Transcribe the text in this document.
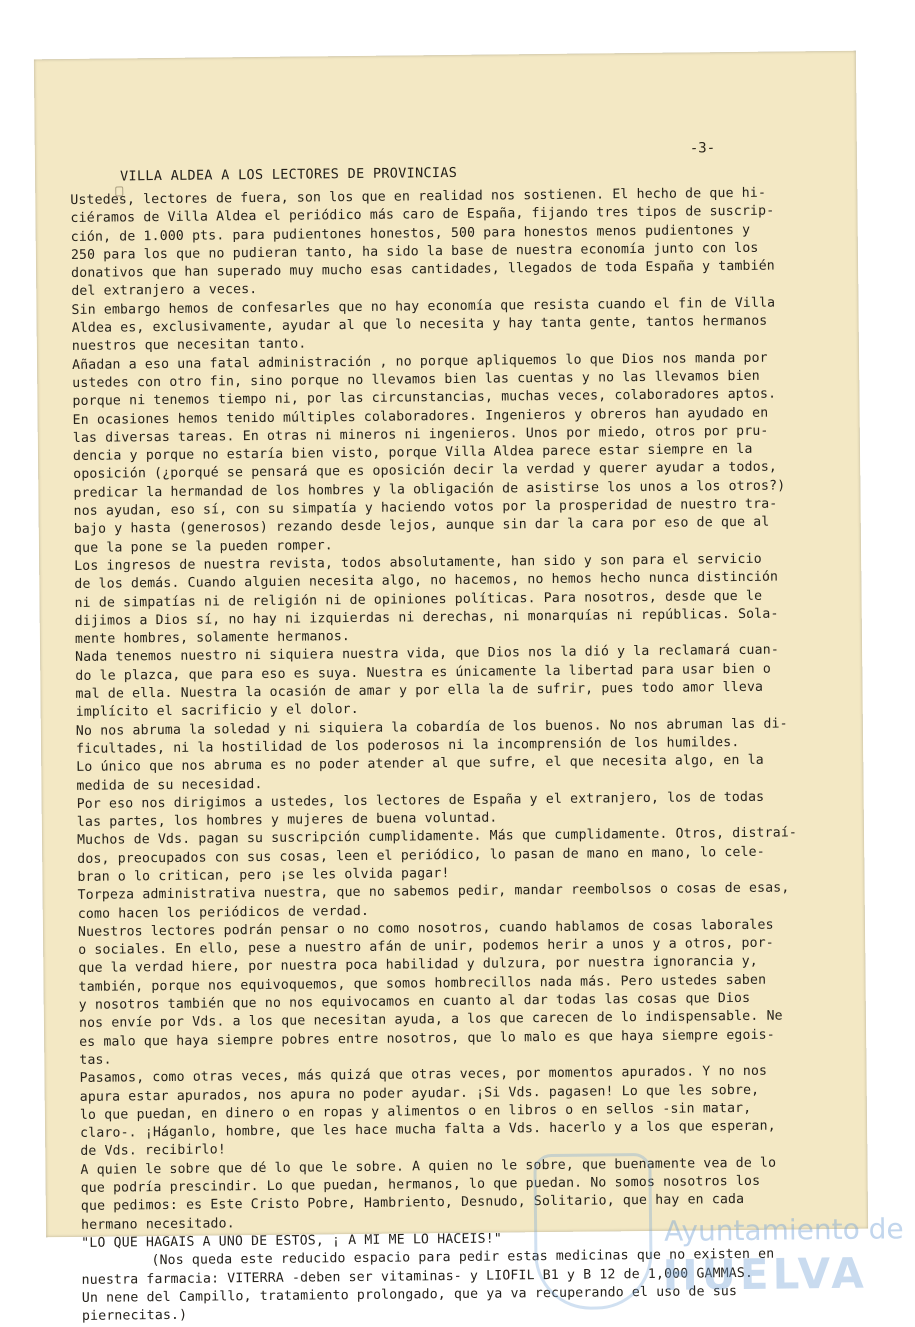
-3-
VILLA ALDEA A LOS LECTORES DE PROVINCIAS

Ustedes, lectores de fuera, son los que en realidad nos sostienen. El hecho de que hi-

ciéramos de Villa Aldea el periódico más caro de España, fijando tres tipos de suscrip-

ción, de 1.000 pts. para pudientones honestos, 500 para honestos menos pudientones y

250 para los que no pudieran tanto, ha sido la base de nuestra economía junto con los

donativos que han superado muy mucho esas cantidades, llegados de toda España y también

del extranjero a veces.

Sin embargo hemos de confesarles que no hay economía que resista cuando el fin de Villa

Aldea es, exclusivamente, ayudar al que lo necesita y hay tanta gente, tantos hermanos

nuestros que necesitan tanto.

Añadan a eso una fatal administración , no porque apliquemos lo que Dios nos manda por

ustedes con otro fin, sino porque no llevamos bien las cuentas y no las llevamos bien

porque ni tenemos tiempo ni, por las circunstancias, muchas veces, colaboradores aptos.

En ocasiones hemos tenido múltiples colaboradores. Ingenieros y obreros han ayudado en

las diversas tareas. En otras ni mineros ni ingenieros. Unos por miedo, otros por pru-

dencia y porque no estaría bien visto, porque Villa Aldea parece estar siempre en la

oposición (¿porqué se pensará que es oposición decir la verdad y querer ayudar a todos,

predicar la hermandad de los hombres y la obligación de asistirse los unos a los otros?)

nos ayudan, eso sí, con su simpatía y haciendo votos por la prosperidad de nuestro tra-

bajo y hasta (generosos) rezando desde lejos, aunque sin dar la cara por eso de que al

que la pone se la pueden romper.

Los ingresos de nuestra revista, todos absolutamente, han sido y son para el servicio

de los demás. Cuando alguien necesita algo, no hacemos, no hemos hecho nunca distinción

ni de simpatías ni de religión ni de opiniones políticas. Para nosotros, desde que le

dijimos a Dios sí, no hay ni izquierdas ni derechas, ni monarquías ni repúblicas. Sola-

mente hombres, solamente hermanos.

Nada tenemos nuestro ni siquiera nuestra vida, que Dios nos la dió y la reclamará cuan-

do le plazca, que para eso es suya. Nuestra es únicamente la libertad para usar bien o

mal de ella. Nuestra la ocasión de amar y por ella la de sufrir, pues todo amor lleva

implícito el sacrificio y el dolor.

No nos abruma la soledad y ni siquiera la cobardía de los buenos. No nos abruman las di-

ficultades, ni la hostilidad de los poderosos ni la incomprensión de los humildes.

Lo único que nos abruma es no poder atender al que sufre, el que necesita algo, en la

medida de su necesidad.

Por eso nos dirigimos a ustedes, los lectores de España y el extranjero, los de todas

las partes, los hombres y mujeres de buena voluntad.

Muchos de Vds. pagan su suscripción cumplidamente. Más que cumplidamente. Otros, distraí-

dos, preocupados con sus cosas, leen el periódico, lo pasan de mano en mano, lo cele-

bran o lo critican, pero ¡se les olvida pagar!

Torpeza administrativa nuestra, que no sabemos pedir, mandar reembolsos o cosas de esas,

como hacen los periódicos de verdad.

Nuestros lectores podrán pensar o no como nosotros, cuando hablamos de cosas laborales

o sociales. En ello, pese a nuestro afán de unir, podemos herir a unos y a otros, por-

que la verdad hiere, por nuestra poca habilidad y dulzura, por nuestra ignorancia y,

también, porque nos equivoquemos, que somos hombrecillos nada más. Pero ustedes saben

y nosotros también que no nos equivocamos en cuanto al dar todas las cosas que Dios

nos envíe por Vds. a los que necesitan ayuda, a los que carecen de lo indispensable. Ne

es malo que haya siempre pobres entre nosotros, que lo malo es que haya siempre egois-

tas.

Pasamos, como otras veces, más quizá que otras veces, por momentos apurados. Y no nos

apura estar apurados, nos apura no poder ayudar. ¡Si Vds. pagasen! Lo que les sobre,

lo que puedan, en dinero o en ropas y alimentos o en libros o en sellos -sin matar,

claro-. ¡Háganlo, hombre, que les hace mucha falta a Vds. hacerlo y a los que esperan,

de Vds. recibirlo!

A quien le sobre que dé lo que le sobre. A quien no le sobre, que buenamente vea de lo

que podría prescindir. Lo que puedan, hermanos, lo que puedan. No somos nosotros los

que pedimos: es Este Cristo Pobre, Hambriento, Desnudo, Solitario, que hay en cada

hermano necesitado.

"LO QUE HAGAIS A UNO DE ESTOS, ¡ A MI ME LO HACEIS!"

(Nos queda este reducido espacio para pedir estas medicinas que no existen en

nuestra farmacia: VITERRA -deben ser vitaminas- y LIOFIL B1 y B 12 de 1,000 GAMMAS.

Un nene del Campillo, tratamiento prolongado, que ya va recuperando el uso de sus

piernecitas.)

Ayuntamiento de
HUELVA
